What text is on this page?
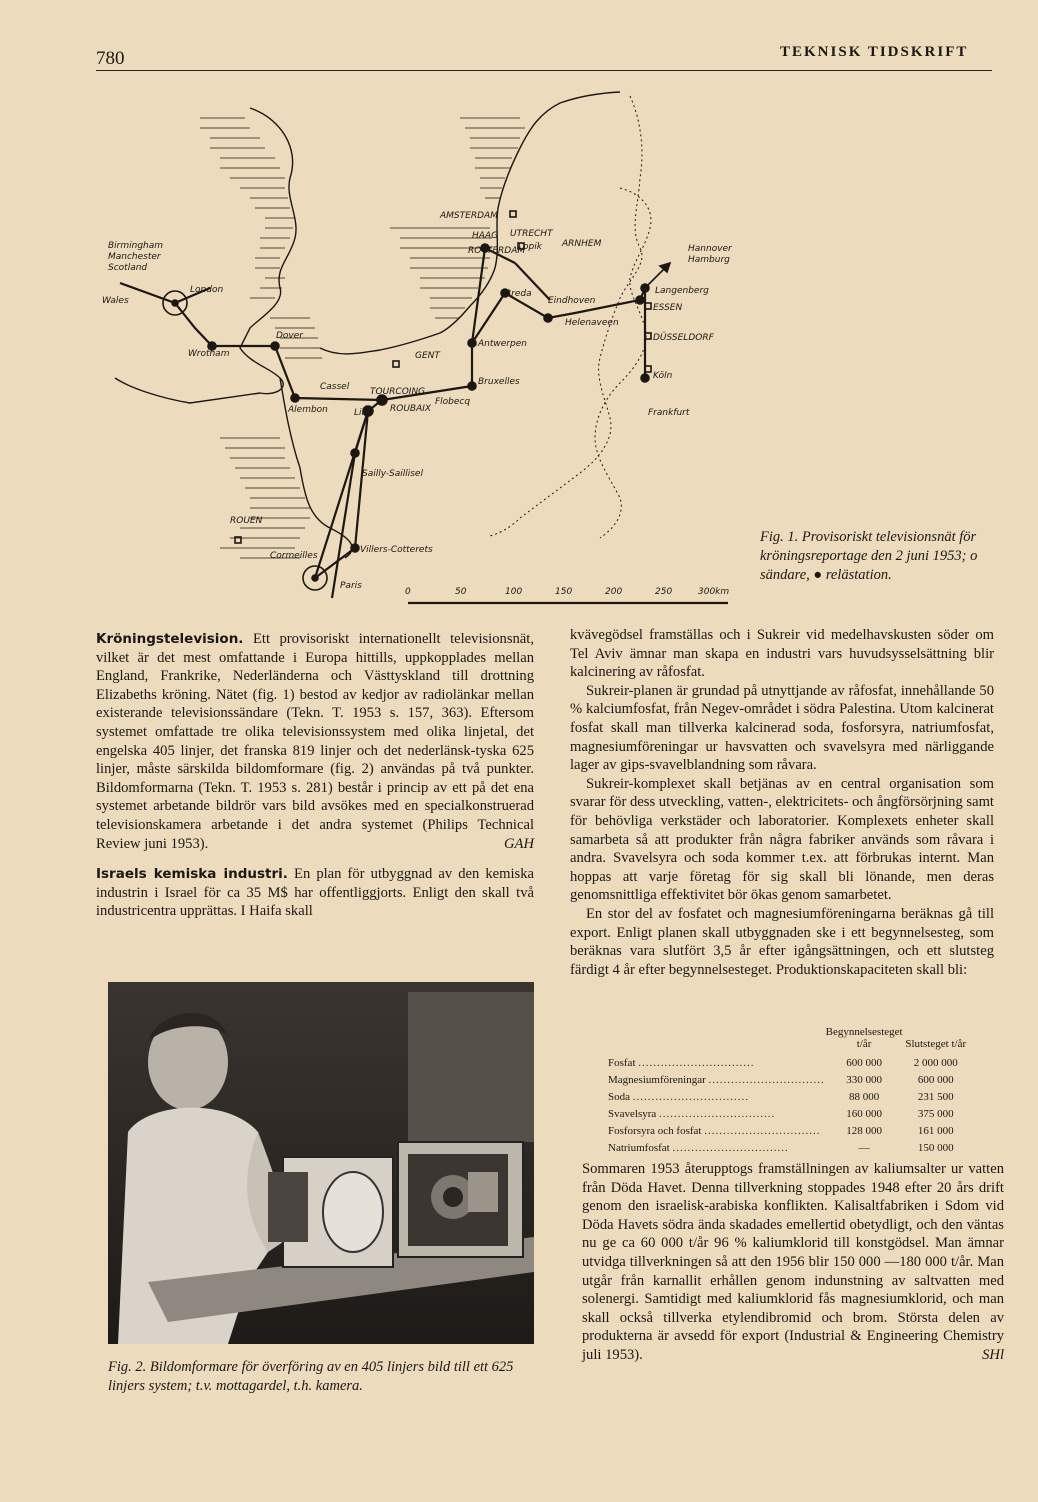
780	TEKNISK TIDSKRIFT
Birmingham
Manchester
Scotland
Wales
London
Wrotham
Dover
Alembon
Cassel TOURCOING
Lille ROUBAIX
Flobecq
GENT
Antwerpen
Bruxelles
AMSTERDAM
HAAG UTRECHT
ROTTERDAM
Lopik ARNHEM
Breda
Eindhoven
Helenaveen
Hannover
Hamburg
Langenberg
ESSEN
DÜSSELDORF
Köln
Frankfurt
Sailly-Saillisel
ROUEN
Cormeilles
Villers-Cotterets
Paris
0	50	100	150	200	250	300km
Fig. 1. Provisoriskt televisionsnät för kröningsreportage den 2 juni 1953; o sändare, ● relästation.

Kröningstelevision. Ett provisoriskt internationellt televisionsnät, vilket är det mest omfattande i Europa hittills, uppkopplades mellan England, Frankrike, Nederländerna och Västtyskland till drottning Elizabeths kröning. Nätet (fig. 1) bestod av kedjor av radiolänkar mellan existerande televisionssändare (Tekn. T. 1953 s. 157, 363). Eftersom systemet omfattade tre olika televisionssystem med olika linjetal, det engelska 405 linjer, det franska 819 linjer och det nederlänsk-tyska 625 linjer, måste särskilda bildomformare (fig. 2) användas på två punkter. Bildomformarna (Tekn. T. 1953 s. 281) består i princip av ett på det ena systemet arbetande bildrör vars bild avsökes med en specialkonstruerad televisionskamera arbetande i det andra systemet (Philips Technical Review juni 1953).	GAH

Israels kemiska industri. En plan för utbyggnad av den kemiska industrin i Israel för ca 35 M$ har offentliggjorts. Enligt den skall två industricentra upprättas. I Haifa skall

Fig. 2. Bildomformare för överföring av en 405 linjers bild till ett 625 linjers system; t.v. mottagardel, t.h. kamera.

kvävegödsel framställas och i Sukreir vid medelhavskusten söder om Tel Aviv ämnar man skapa en industri vars huvudsysselsättning blir kalcinering av råfosfat.

Sukreir-planen är grundad på utnyttjande av råfosfat, innehållande 50 % kalciumfosfat, från Negev-området i södra Palestina. Utom kalcinerat fosfat skall man tillverka kalcinerad soda, fosforsyra, natriumfosfat, magnesiumföreningar ur havsvatten och svavelsyra med närliggande lager av gips-svavelblandning som råvara.

Sukreir-komplexet skall betjänas av en central organisation som svarar för dess utveckling, vatten-, elektricitets- och ångförsörjning samt för behövliga verkstäder och laboratorier. Komplexets enheter skall samarbeta så att produkter från några fabriker används som råvara i andra. Svavelsyra och soda kommer t.ex. att förbrukas internt. Man hoppas att varje företag för sig skall bli lönande, men deras genomsnittliga effektivitet bör ökas genom samarbetet.

En stor del av fosfatet och magnesiumföreningarna beräknas gå till export. Enligt planen skall utbyggnaden ske i ett begynnelsesteg, som beräknas vara slutfört 3,5 år efter igångsättningen, och ett slutsteg färdigt 4 år efter begynnelsesteget. Produktionskapaciteten skall bli:

	Begynnelsesteget t/år	Slutsteget t/år
Fosfat ...............................	600 000	2 000 000
Magnesiumföreningar ...............................	330 000	600 000
Soda ...............................	88 000	231 500
Svavelsyra ...............................	160 000	375 000
Fosforsyra och fosfat ...............................	128 000	161 000
Natriumfosfat ...............................	—	150 000

Sommaren 1953 återupptogs framställningen av kaliumsalter ur vatten från Döda Havet. Denna tillverkning stoppades 1948 efter 20 års drift genom den israelisk-arabiska konflikten. Kalisaltfabriken i Sdom vid Döda Havets södra ända skadades emellertid obetydligt, och den väntas nu ge ca 60 000 t/år 96 % kaliumklorid till konstgödsel. Man ämnar utvidga tillverkningen så att den 1956 blir 150 000 —180 000 t/år. Man utgår från karnallit erhållen genom indunstning av saltvatten med solenergi. Samtidigt med kaliumklorid fås magnesiumklorid, och man skall också tillverka etylendibromid och brom. Största delen av produkterna är avsedd för export (Industrial & Engineering Chemistry juli 1953).	SHl
